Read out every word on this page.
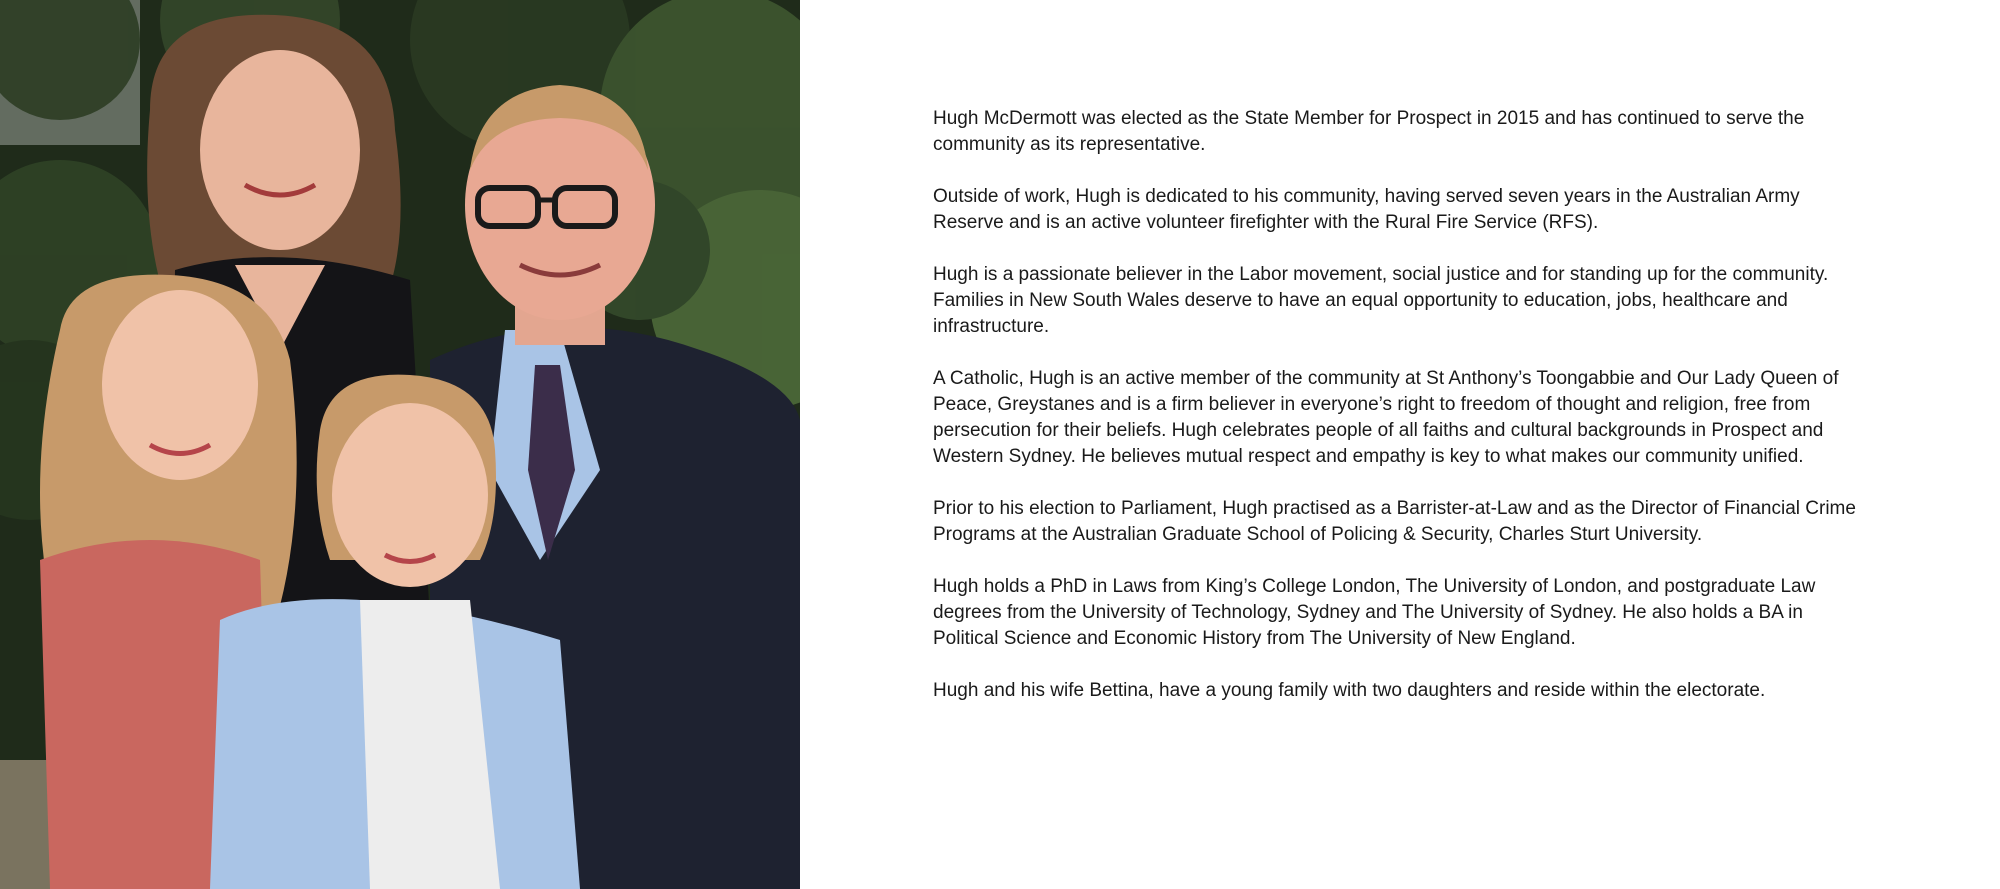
Hugh McDermott was elected as the State Member for Prospect in 2015 and has continued to serve the community as its representative.

Outside of work, Hugh is dedicated to his community, having served seven years in the Australian Army Reserve and is an active volunteer firefighter with the Rural Fire Service (RFS).

Hugh is a passionate believer in the Labor movement, social justice and for standing up for the community. Families in New South Wales deserve to have an equal opportunity to education, jobs, healthcare and infrastructure.

A Catholic, Hugh is an active member of the community at St Anthony’s Toongabbie and Our Lady Queen of Peace, Greystanes and is a firm believer in everyone’s right to freedom of thought and religion, free from persecution for their beliefs. Hugh celebrates people of all faiths and cultural backgrounds in Prospect and Western Sydney. He believes mutual respect and empathy is key to what makes our community unified.

Prior to his election to Parliament, Hugh practised as a Barrister-at-Law and as the Director of Financial Crime Programs at the Australian Graduate School of Policing & Security, Charles Sturt University.

Hugh holds a PhD in Laws from King’s College London, The University of London, and postgraduate Law degrees from the University of Technology, Sydney and The University of Sydney. He also holds a BA in Political Science and Economic History from The University of New England.

Hugh and his wife Bettina, have a young family with two daughters and reside within the electorate.
